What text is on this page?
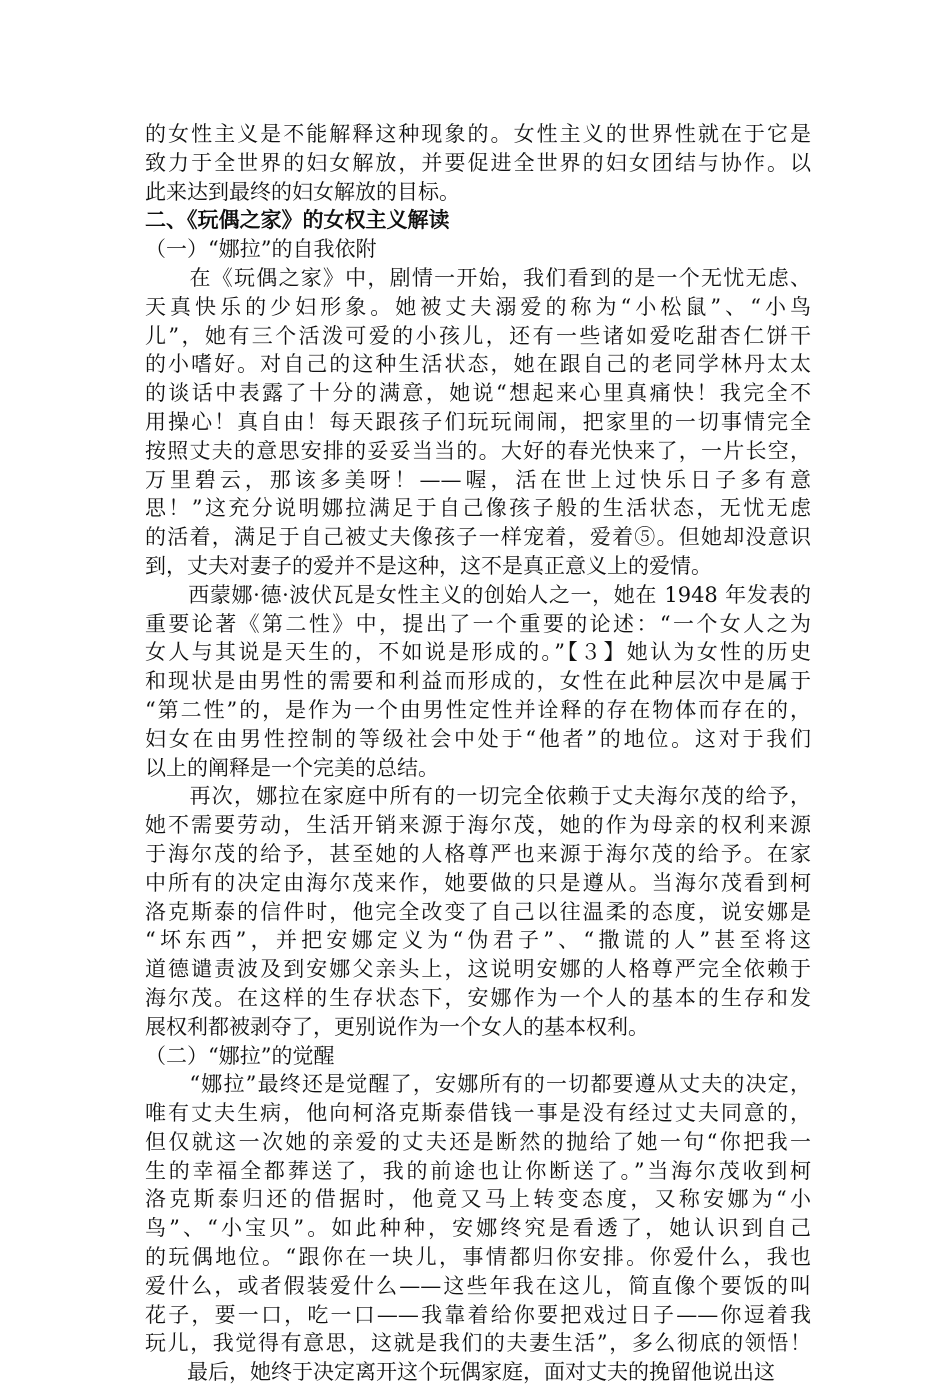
的女性主义是不能解释这种现象的。女性主义的世界性就在于它是
致力于全世界的妇女解放，并要促进全世界的妇女团结与协作。以
此来达到最终的妇女解放的目标。
二、《玩偶之家》的女权主义解读
（一）“娜拉”的自我依附
　　在《玩偶之家》中，剧情一开始，我们看到的是一个无忧无虑、
天真快乐的少妇形象。她被丈夫溺爱的称为“小松鼠”、“小鸟
儿”，她有三个活泼可爱的小孩儿，还有一些诸如爱吃甜杏仁饼干
的小嗜好。对自己的这种生活状态，她在跟自己的老同学林丹太太
的谈话中表露了十分的满意，她说“想起来心里真痛快！我完全不
用操心！真自由！每天跟孩子们玩玩闹闹，把家里的一切事情完全
按照丈夫的意思安排的妥妥当当的。大好的春光快来了，一片长空，
万里碧云，那该多美呀！——喔，活在世上过快乐日子多有意
思！”这充分说明娜拉满足于自己像孩子般的生活状态，无忧无虑
的活着，满足于自己被丈夫像孩子一样宠着，爱着⑤。但她却没意识
到，丈夫对妻子的爱并不是这种，这不是真正意义上的爱情。
　　西蒙娜·德·波伏瓦是女性主义的创始人之一，她在 1948 年发表的
重要论著《第二性》中，提出了一个重要的论述：“一个女人之为
女人与其说是天生的，不如说是形成的。”【３】她认为女性的历史
和现状是由男性的需要和利益而形成的，女性在此种层次中是属于
“第二性”的，是作为一个由男性定性并诠释的存在物体而存在的，
妇女在由男性控制的等级社会中处于“他者”的地位。这对于我们
以上的阐释是一个完美的总结。
　　再次，娜拉在家庭中所有的一切完全依赖于丈夫海尔茂的给予，
她不需要劳动，生活开销来源于海尔茂，她的作为母亲的权利来源
于海尔茂的给予，甚至她的人格尊严也来源于海尔茂的给予。在家
中所有的决定由海尔茂来作，她要做的只是遵从。当海尔茂看到柯
洛克斯泰的信件时，他完全改变了自己以往温柔的态度，说安娜是
“坏东西”，并把安娜定义为“伪君子”、“撒谎的人”甚至将这
道德谴责波及到安娜父亲头上，这说明安娜的人格尊严完全依赖于
海尔茂。在这样的生存状态下，安娜作为一个人的基本的生存和发
展权利都被剥夺了，更别说作为一个女人的基本权利。
（二）“娜拉”的觉醒
　　“娜拉”最终还是觉醒了，安娜所有的一切都要遵从丈夫的决定，
唯有丈夫生病，他向柯洛克斯泰借钱一事是没有经过丈夫同意的，
但仅就这一次她的亲爱的丈夫还是断然的抛给了她一句“你把我一
生的幸福全都葬送了，我的前途也让你断送了。”当海尔茂收到柯
洛克斯泰归还的借据时，他竟又马上转变态度，又称安娜为“小
鸟”、“小宝贝”。如此种种，安娜终究是看透了，她认识到自己
的玩偶地位。“跟你在一块儿，事情都归你安排。你爱什么，我也
爱什么，或者假装爱什么——这些年我在这儿，简直像个要饭的叫
花子，要一口，吃一口——我靠着给你要把戏过日子——你逗着我
玩儿，我觉得有意思，这就是我们的夫妻生活”，多么彻底的领悟！
　　最后，她终于决定离开这个玩偶家庭，面对丈夫的挽留他说出这
